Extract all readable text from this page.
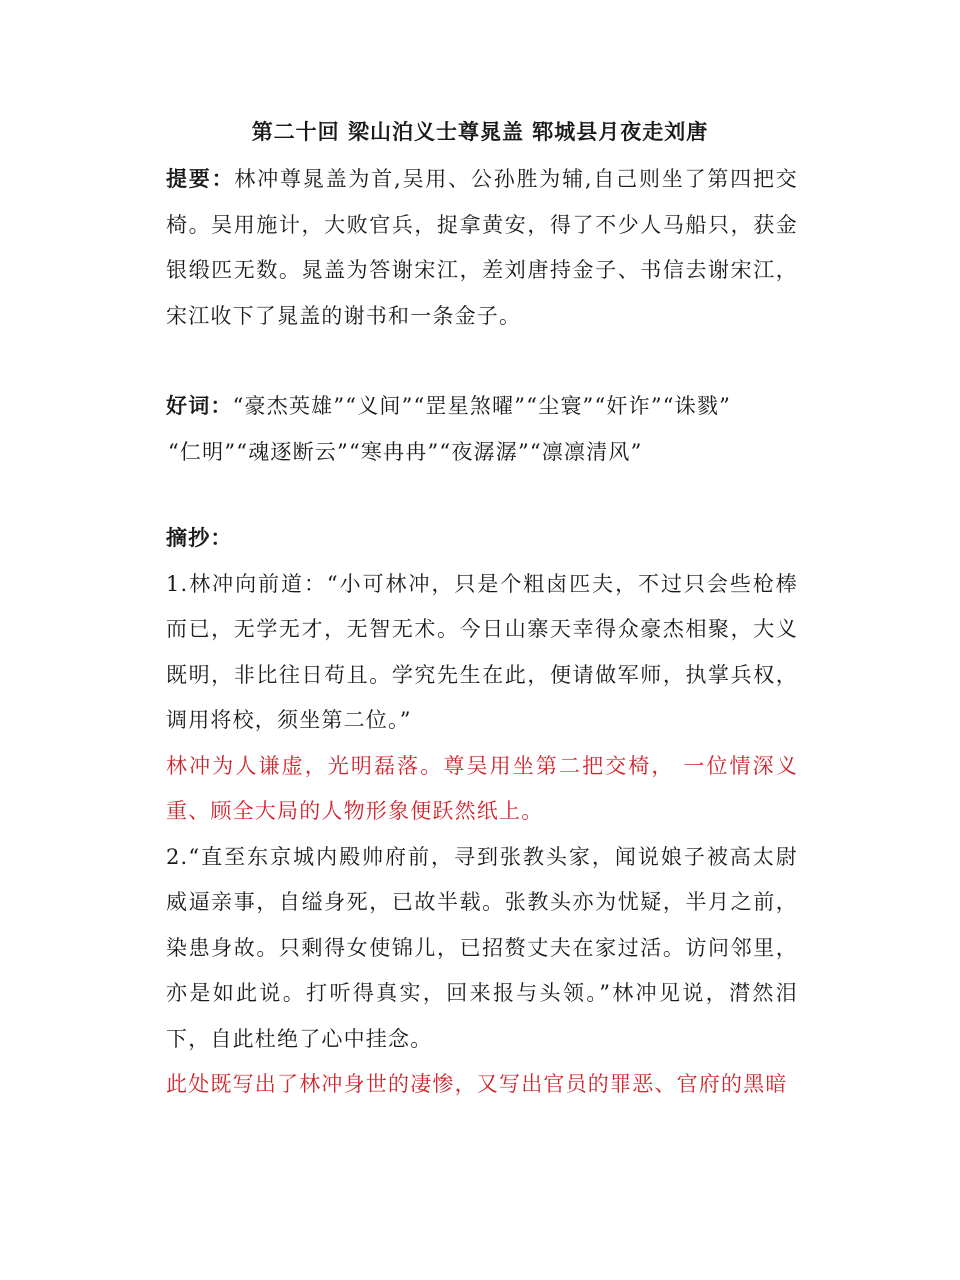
第二十回 梁山泊义士尊晁盖 郓城县月夜走刘唐

提要：林冲尊晁盖为首,吴用、公孙胜为辅,自己则坐了第四把交椅。吴用施计，大败官兵，捉拿黄安，得了不少人马船只，获金银缎匹无数。晁盖为答谢宋江，差刘唐持金子、书信去谢宋江，宋江收下了晁盖的谢书和一条金子。

好词：“豪杰英雄”“义间”“罡星煞曜”“尘寰”“奸诈”“诛戮”

“仁明”“魂逐断云”“寒冉冉”“夜潺潺”“凛凛清风”

摘抄：

1.林冲向前道：“小可林冲，只是个粗卤匹夫，不过只会些枪棒而已，无学无才，无智无术。今日山寨天幸得众豪杰相聚，大义既明，非比往日苟且。学究先生在此，便请做军师，执掌兵权，调用将校，须坐第二位。”

林冲为人谦虚，光明磊落。尊吴用坐第二把交椅， 一位情深义重、顾全大局的人物形象便跃然纸上。

2.“直至东京城内殿帅府前，寻到张教头家，闻说娘子被高太尉威逼亲事，自缢身死，已故半载。张教头亦为忧疑，半月之前，染患身故。只剩得女使锦儿，已招赘丈夫在家过活。访问邻里，亦是如此说。打听得真实，回来报与头领。”林冲见说，潸然泪下，自此杜绝了心中挂念。

此处既写出了林冲身世的凄惨，又写出官员的罪恶、官府的黑暗
